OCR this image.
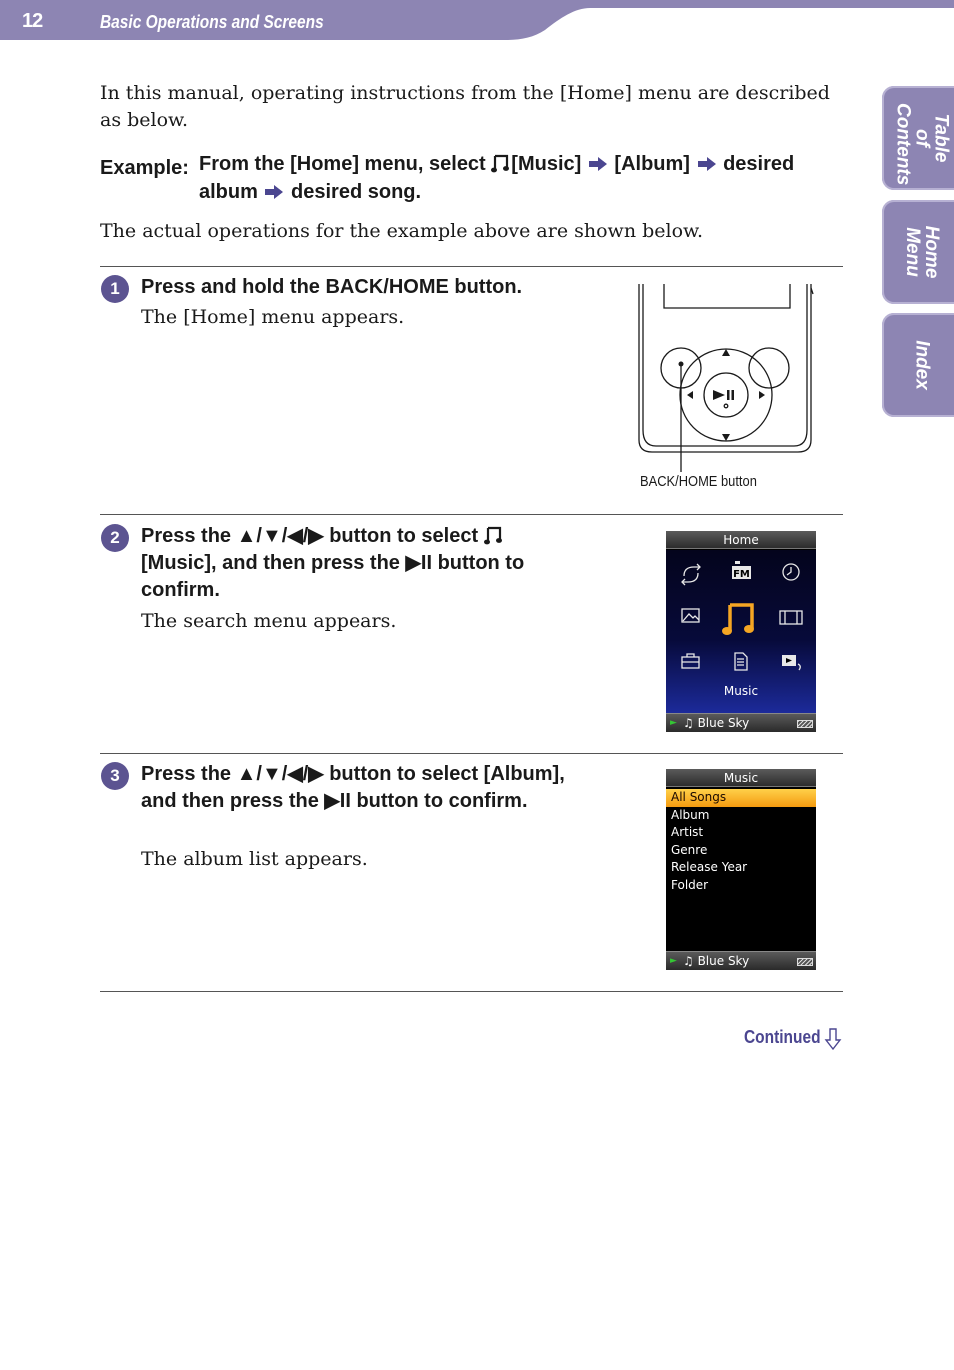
12	Basic Operations and Screens
Table of Contents
Home Menu
Index

In this manual, operating instructions from the [Home] menu are described as below.

Example: From the [Home] menu, select [Music] [Album] desired album desired song.

The actual operations for the example above are shown below.

1	Press and hold the BACK/HOME button.
The [Home] menu appears.
BACK/HOME button
2	Press the ▲/▼/◀/▶ button to select  [Music], and then press the ▶II button to confirm.
The search menu appears.
Home
FM
Music
► ♫ Blue Sky
3	Press the ▲/▼/◀/▶ button to select [Album], and then press the ▶II button to confirm.
The album list appears.
Music
All Songs
Album
Artist
Genre
Release Year
Folder
► ♫ Blue Sky
Continued
